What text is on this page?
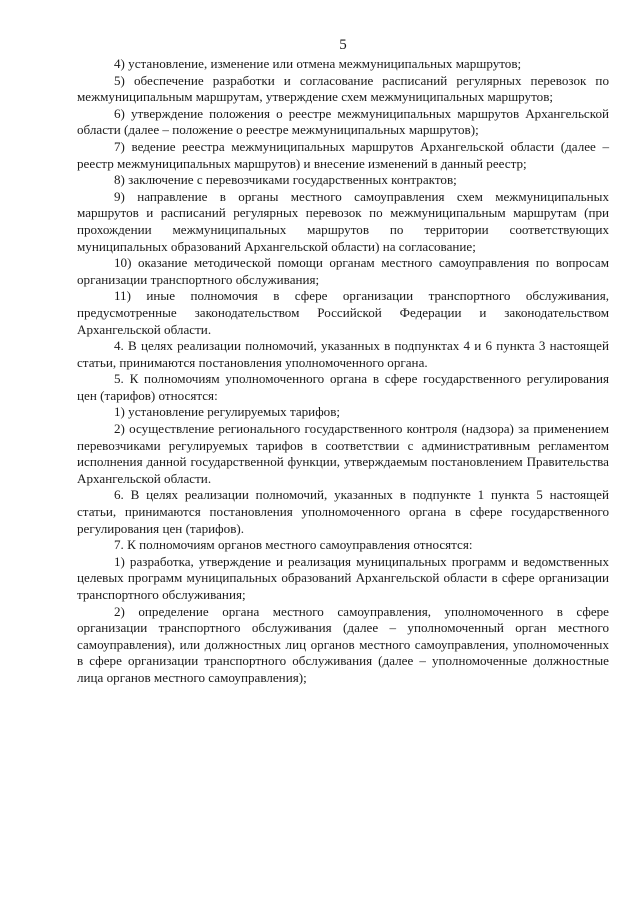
5

4) установление, изменение или отмена межмуниципальных маршрутов;

5) обеспечение разработки и согласование расписаний регулярных перевозок по межмуниципальным маршрутам, утверждение схем межмуниципальных маршрутов;

6) утверждение положения о реестре межмуниципальных маршрутов Архангельской области (далее – положение о реестре межмуниципальных маршрутов);

7) ведение реестра межмуниципальных маршрутов Архангельской области (далее – реестр межмуниципальных маршрутов) и внесение изменений в данный реестр;

8) заключение с перевозчиками государственных контрактов;

9) направление в органы местного самоуправления схем межмуниципальных маршрутов и расписаний регулярных перевозок по межмуниципальным маршрутам (при прохождении межмуниципальных маршрутов по территории соответствующих муниципальных образований Архангельской области) на согласование;

10) оказание методической помощи органам местного самоуправления по вопросам организации транспортного обслуживания;

11) иные полномочия в сфере организации транспортного обслуживания, предусмотренные законодательством Российской Федерации и законодательством Архангельской области.

4. В целях реализации полномочий, указанных в подпунктах 4 и 6 пункта 3 настоящей статьи, принимаются постановления уполномоченного органа.

5. К полномочиям уполномоченного органа в сфере государственного регулирования цен (тарифов) относятся:

1) установление регулируемых тарифов;

2) осуществление регионального государственного контроля (надзора) за применением перевозчиками регулируемых тарифов в соответствии с административным регламентом исполнения данной государственной функции, утверждаемым постановлением Правительства Архангельской области.

6. В целях реализации полномочий, указанных в подпункте 1 пункта 5 настоящей статьи, принимаются постановления уполномоченного органа в сфере государственного регулирования цен (тарифов).

7. К полномочиям органов местного самоуправления относятся:

1) разработка, утверждение и реализация муниципальных программ и ведомственных целевых программ муниципальных образований Архангельской области в сфере организации транспортного обслуживания;

2) определение органа местного самоуправления, уполномоченного в сфере организации транспортного обслуживания (далее – уполномоченный орган местного самоуправления), или должностных лиц органов местного самоуправления, уполномоченных в сфере организации транспортного обслуживания (далее – уполномоченные должностные лица органов местного самоуправления);
